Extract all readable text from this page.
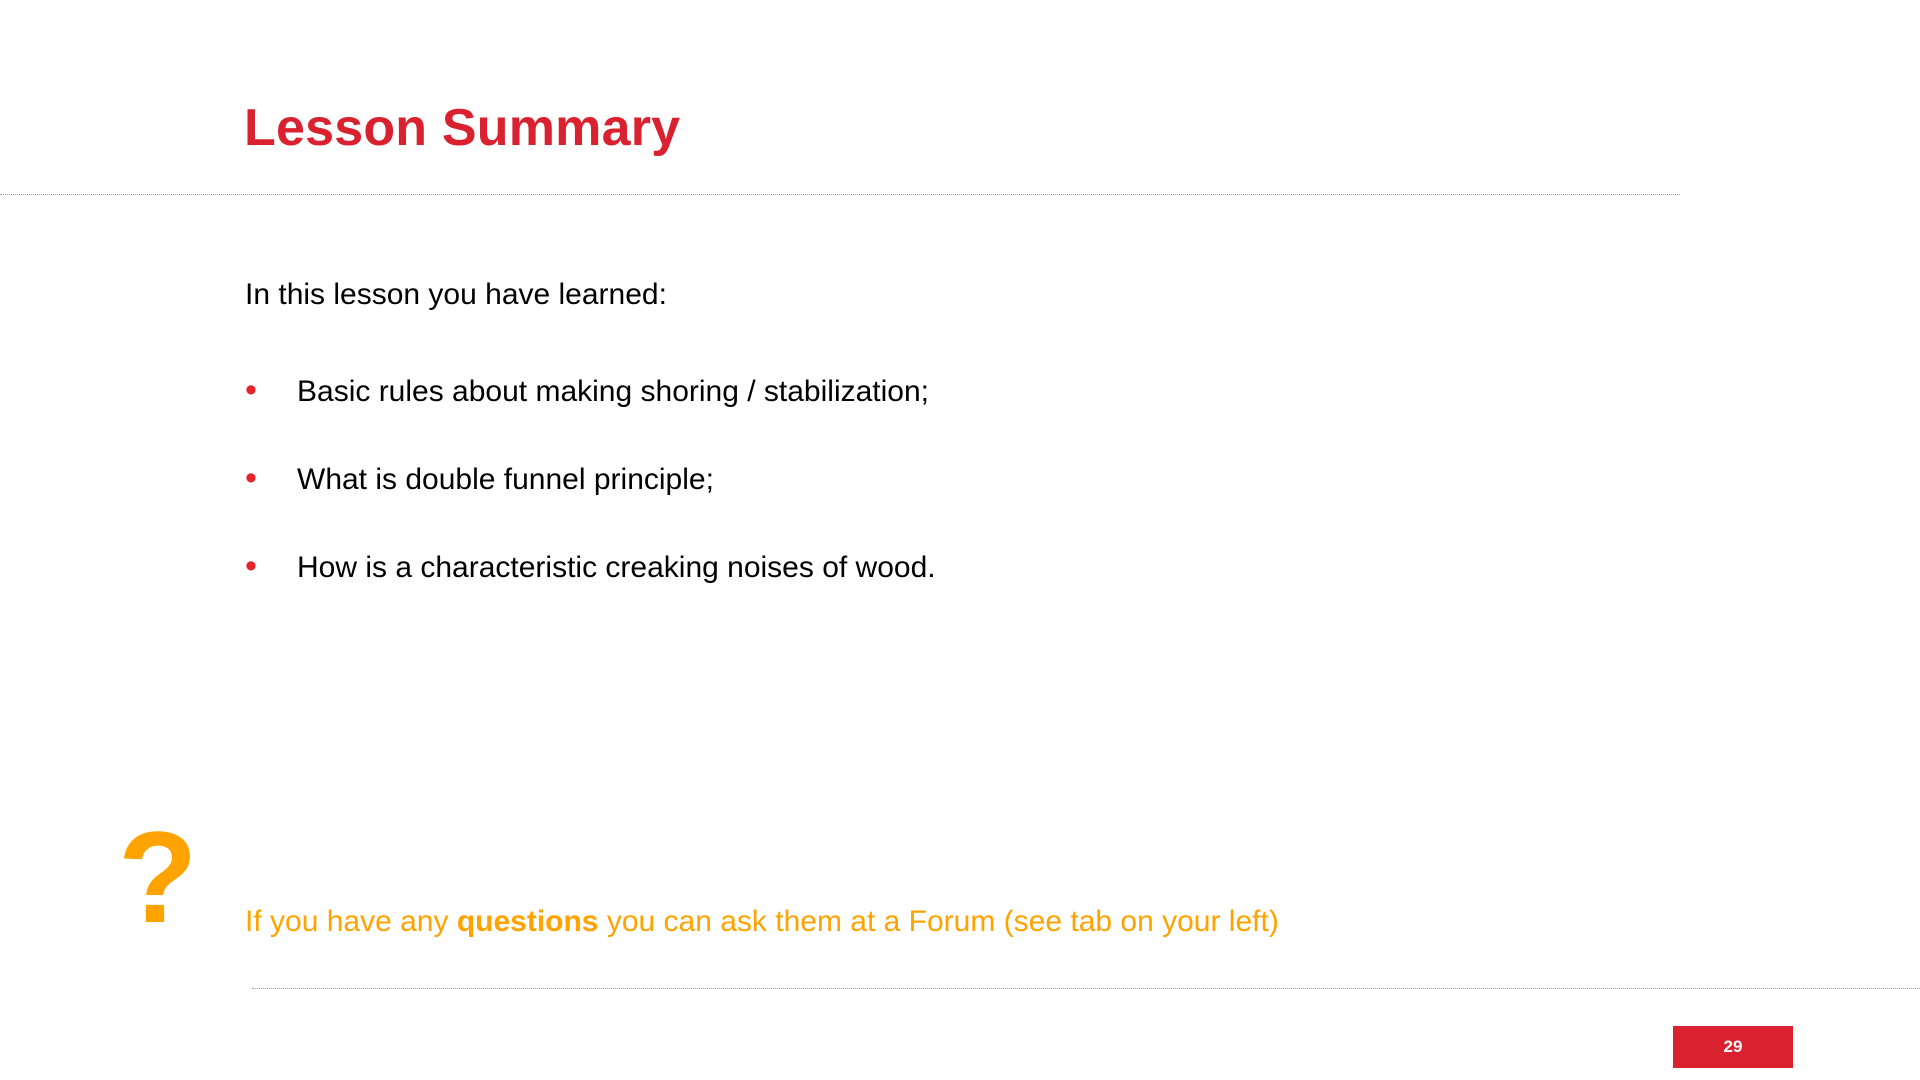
Lesson Summary
In this lesson you have learned:
•	Basic rules about making shoring / stabilization;
•	What is double funnel principle;
•	How is a characteristic creaking noises of wood.
? If you have any questions you can ask them at a Forum (see tab on your left)
29
